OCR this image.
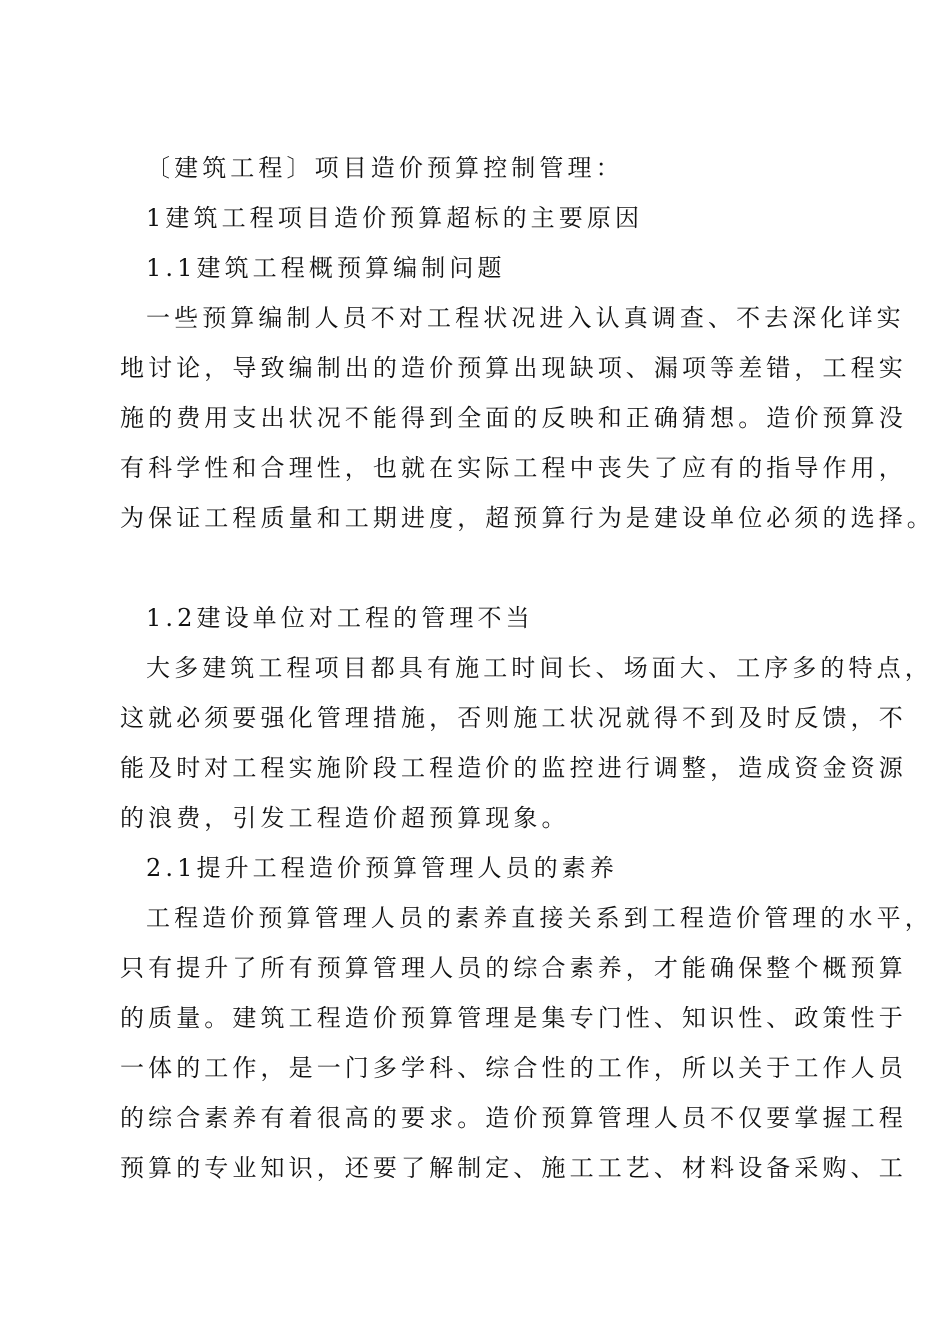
〔建筑工程〕项目造价预算控制管理：
1建筑工程项目造价预算超标的主要原因
1.1建筑工程概预算编制问题
一些预算编制人员不对工程状况进入认真调查、不去深化详实
地讨论，导致编制出的造价预算出现缺项、漏项等差错，工程实
施的费用支出状况不能得到全面的反映和正确猜想。造价预算没
有科学性和合理性，也就在实际工程中丧失了应有的指导作用，
为保证工程质量和工期进度，超预算行为是建设单位必须的选择。
1.2建设单位对工程的管理不当
大多建筑工程项目都具有施工时间长、场面大、工序多的特点，
这就必须要强化管理措施，否则施工状况就得不到及时反馈，不
能及时对工程实施阶段工程造价的监控进行调整，造成资金资源
的浪费，引发工程造价超预算现象。
2.1提升工程造价预算管理人员的素养
工程造价预算管理人员的素养直接关系到工程造价管理的水平，
只有提升了所有预算管理人员的综合素养，才能确保整个概预算
的质量。建筑工程造价预算管理是集专门性、知识性、政策性于
一体的工作，是一门多学科、综合性的工作，所以关于工作人员
的综合素养有着很高的要求。造价预算管理人员不仅要掌握工程
预算的专业知识，还要了解制定、施工工艺、材料设备采购、工
